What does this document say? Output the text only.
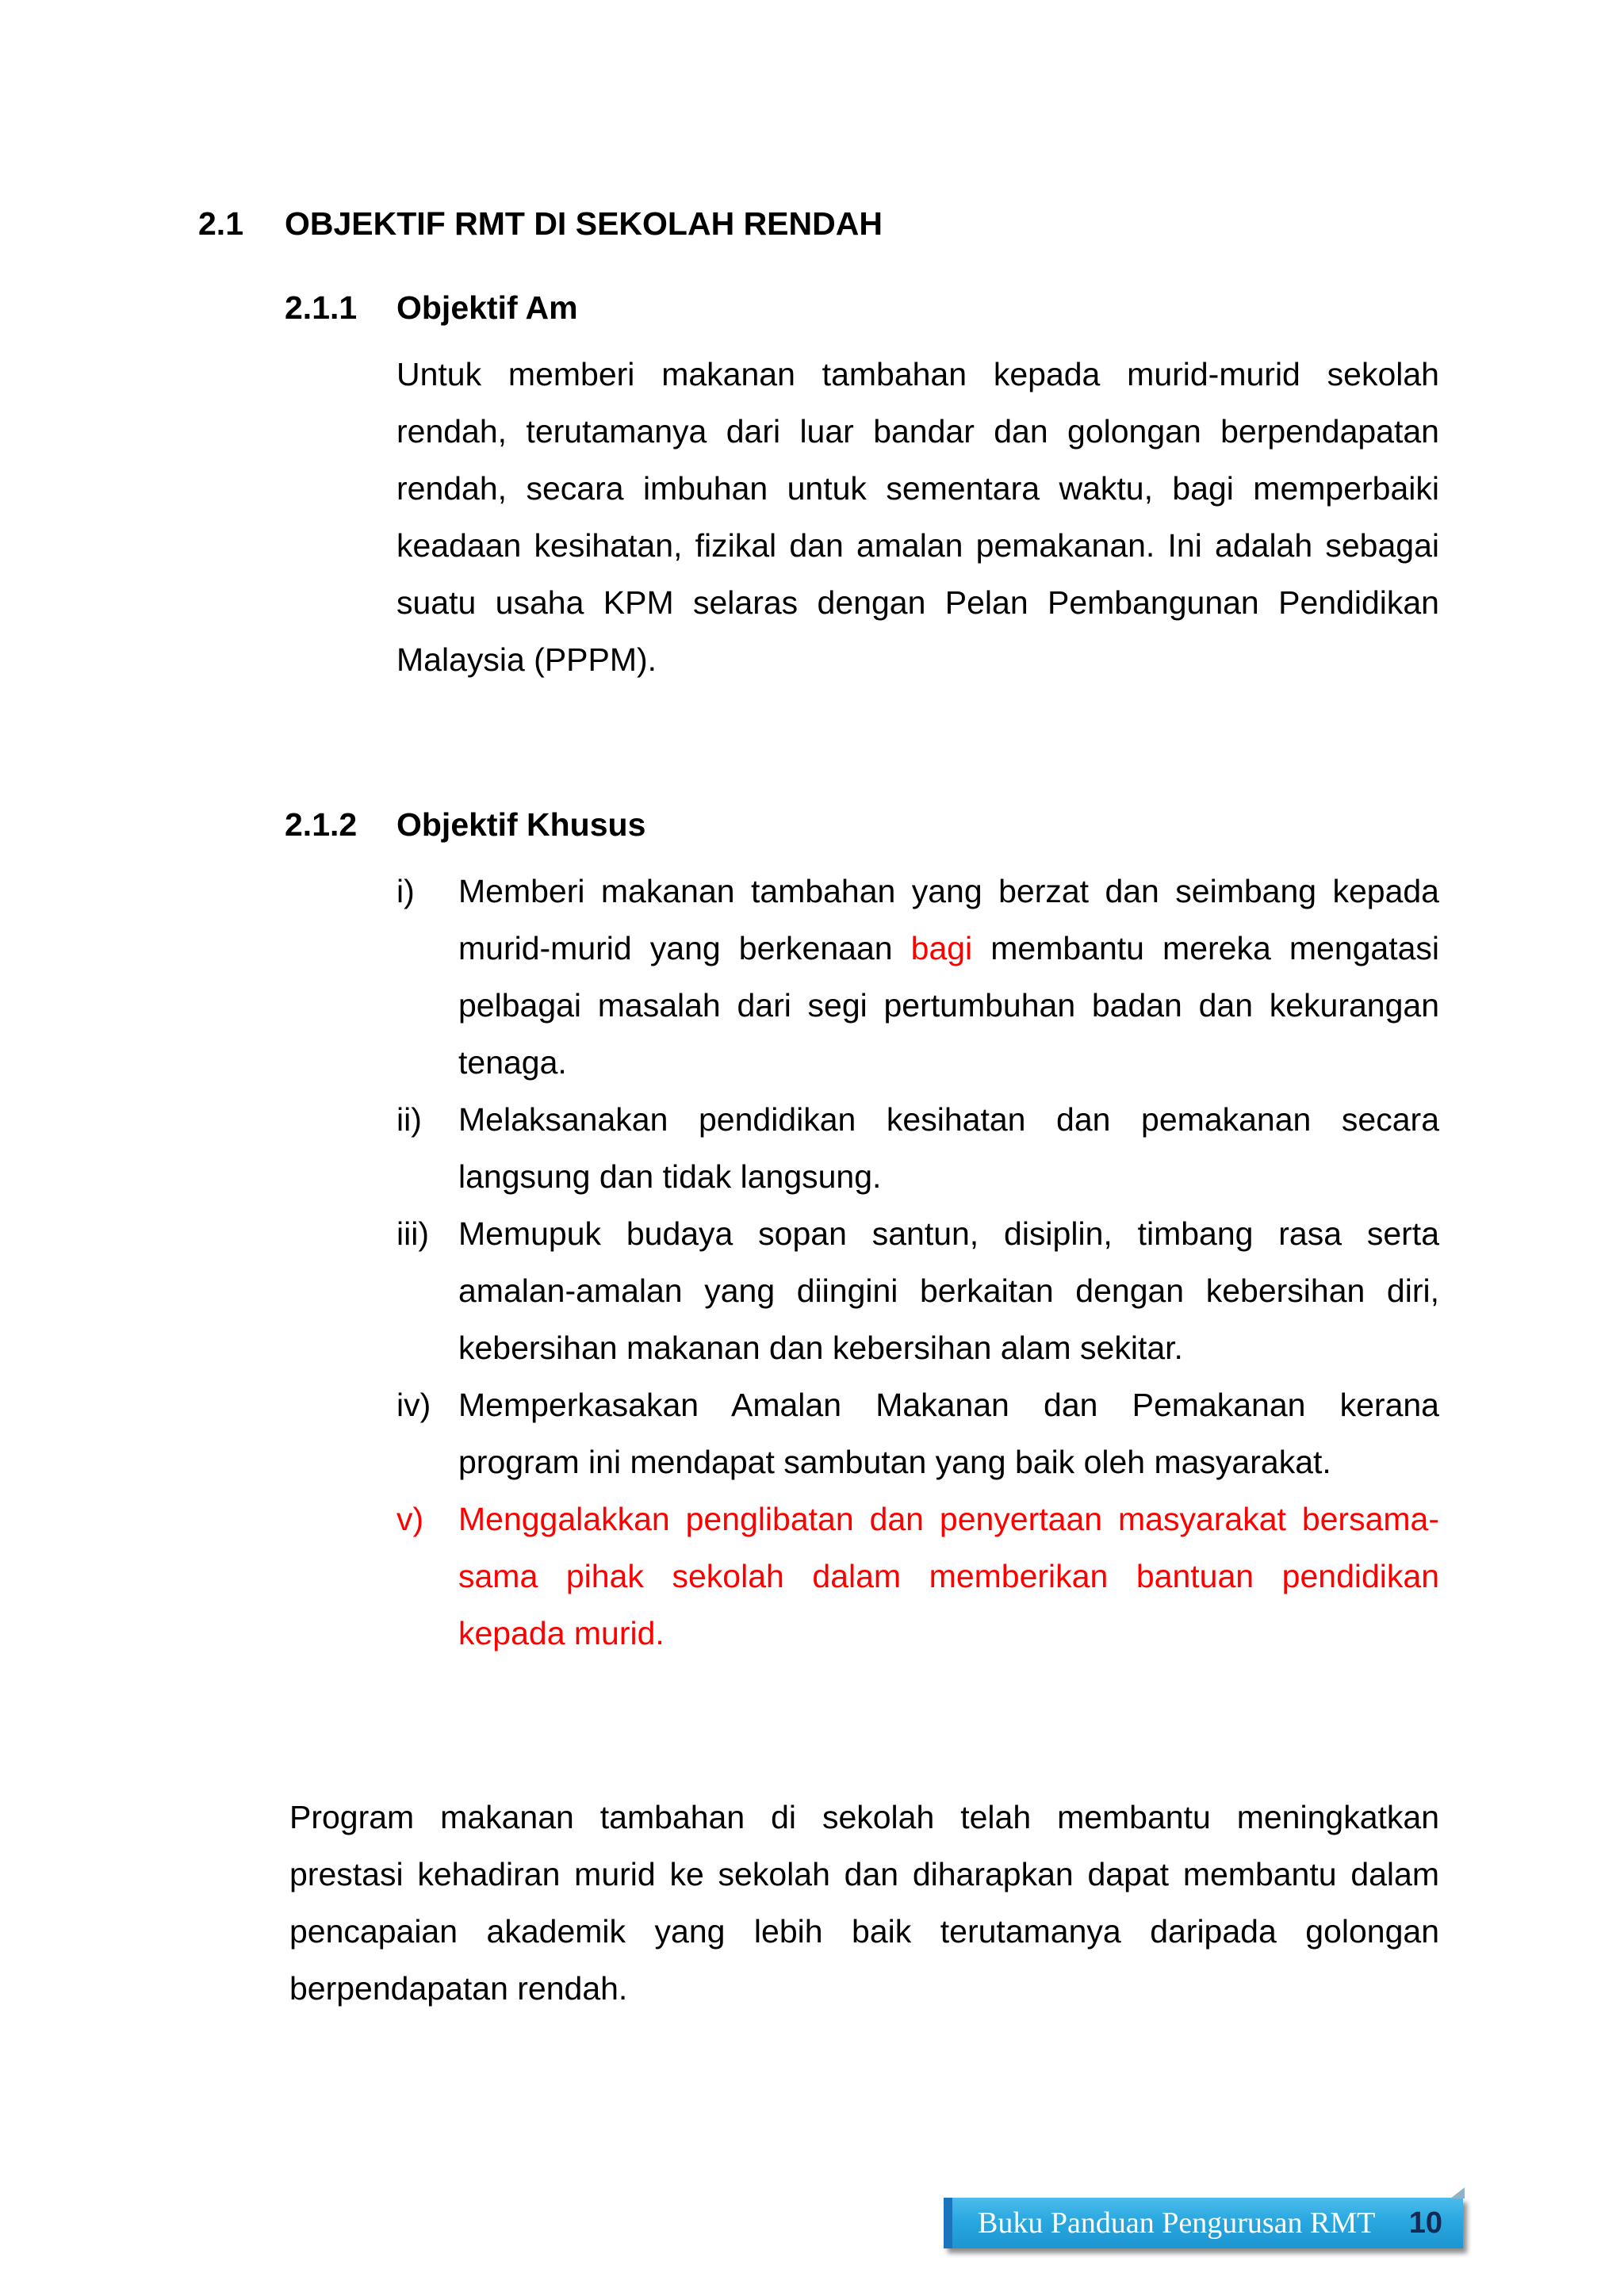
2.1	OBJEKTIF RMT DI SEKOLAH RENDAH
2.1.1	Objektif Am

Untuk memberi makanan tambahan kepada murid-murid sekolah rendah, terutamanya dari luar bandar dan golongan berpendapatan rendah, secara imbuhan untuk sementara waktu, bagi memperbaiki keadaan kesihatan, fizikal dan amalan pemakanan. Ini adalah sebagai suatu usaha KPM selaras dengan Pelan Pembangunan Pendidikan Malaysia (PPPM).

2.1.2	Objektif Khusus
i)	Memberi makanan tambahan yang berzat dan seimbang kepada murid-murid yang berkenaan bagi membantu mereka mengatasi pelbagai masalah dari segi pertumbuhan badan dan kekurangan tenaga.
ii)	Melaksanakan pendidikan kesihatan dan pemakanan secara langsung dan tidak langsung.
iii) Memupuk budaya sopan santun, disiplin, timbang rasa serta amalan-amalan yang diingini berkaitan dengan kebersihan diri, kebersihan makanan dan kebersihan alam sekitar.
iv) Memperkasakan Amalan Makanan dan Pemakanan kerana program ini mendapat sambutan yang baik oleh masyarakat.
v)	Menggalakkan penglibatan dan penyertaan masyarakat bersama-sama pihak sekolah dalam memberikan bantuan pendidikan kepada murid.

Program makanan tambahan di sekolah telah membantu meningkatkan prestasi kehadiran murid ke sekolah dan diharapkan dapat membantu dalam pencapaian akademik yang lebih baik terutamanya daripada golongan berpendapatan rendah.

Buku Panduan Pengurusan RMT 10
